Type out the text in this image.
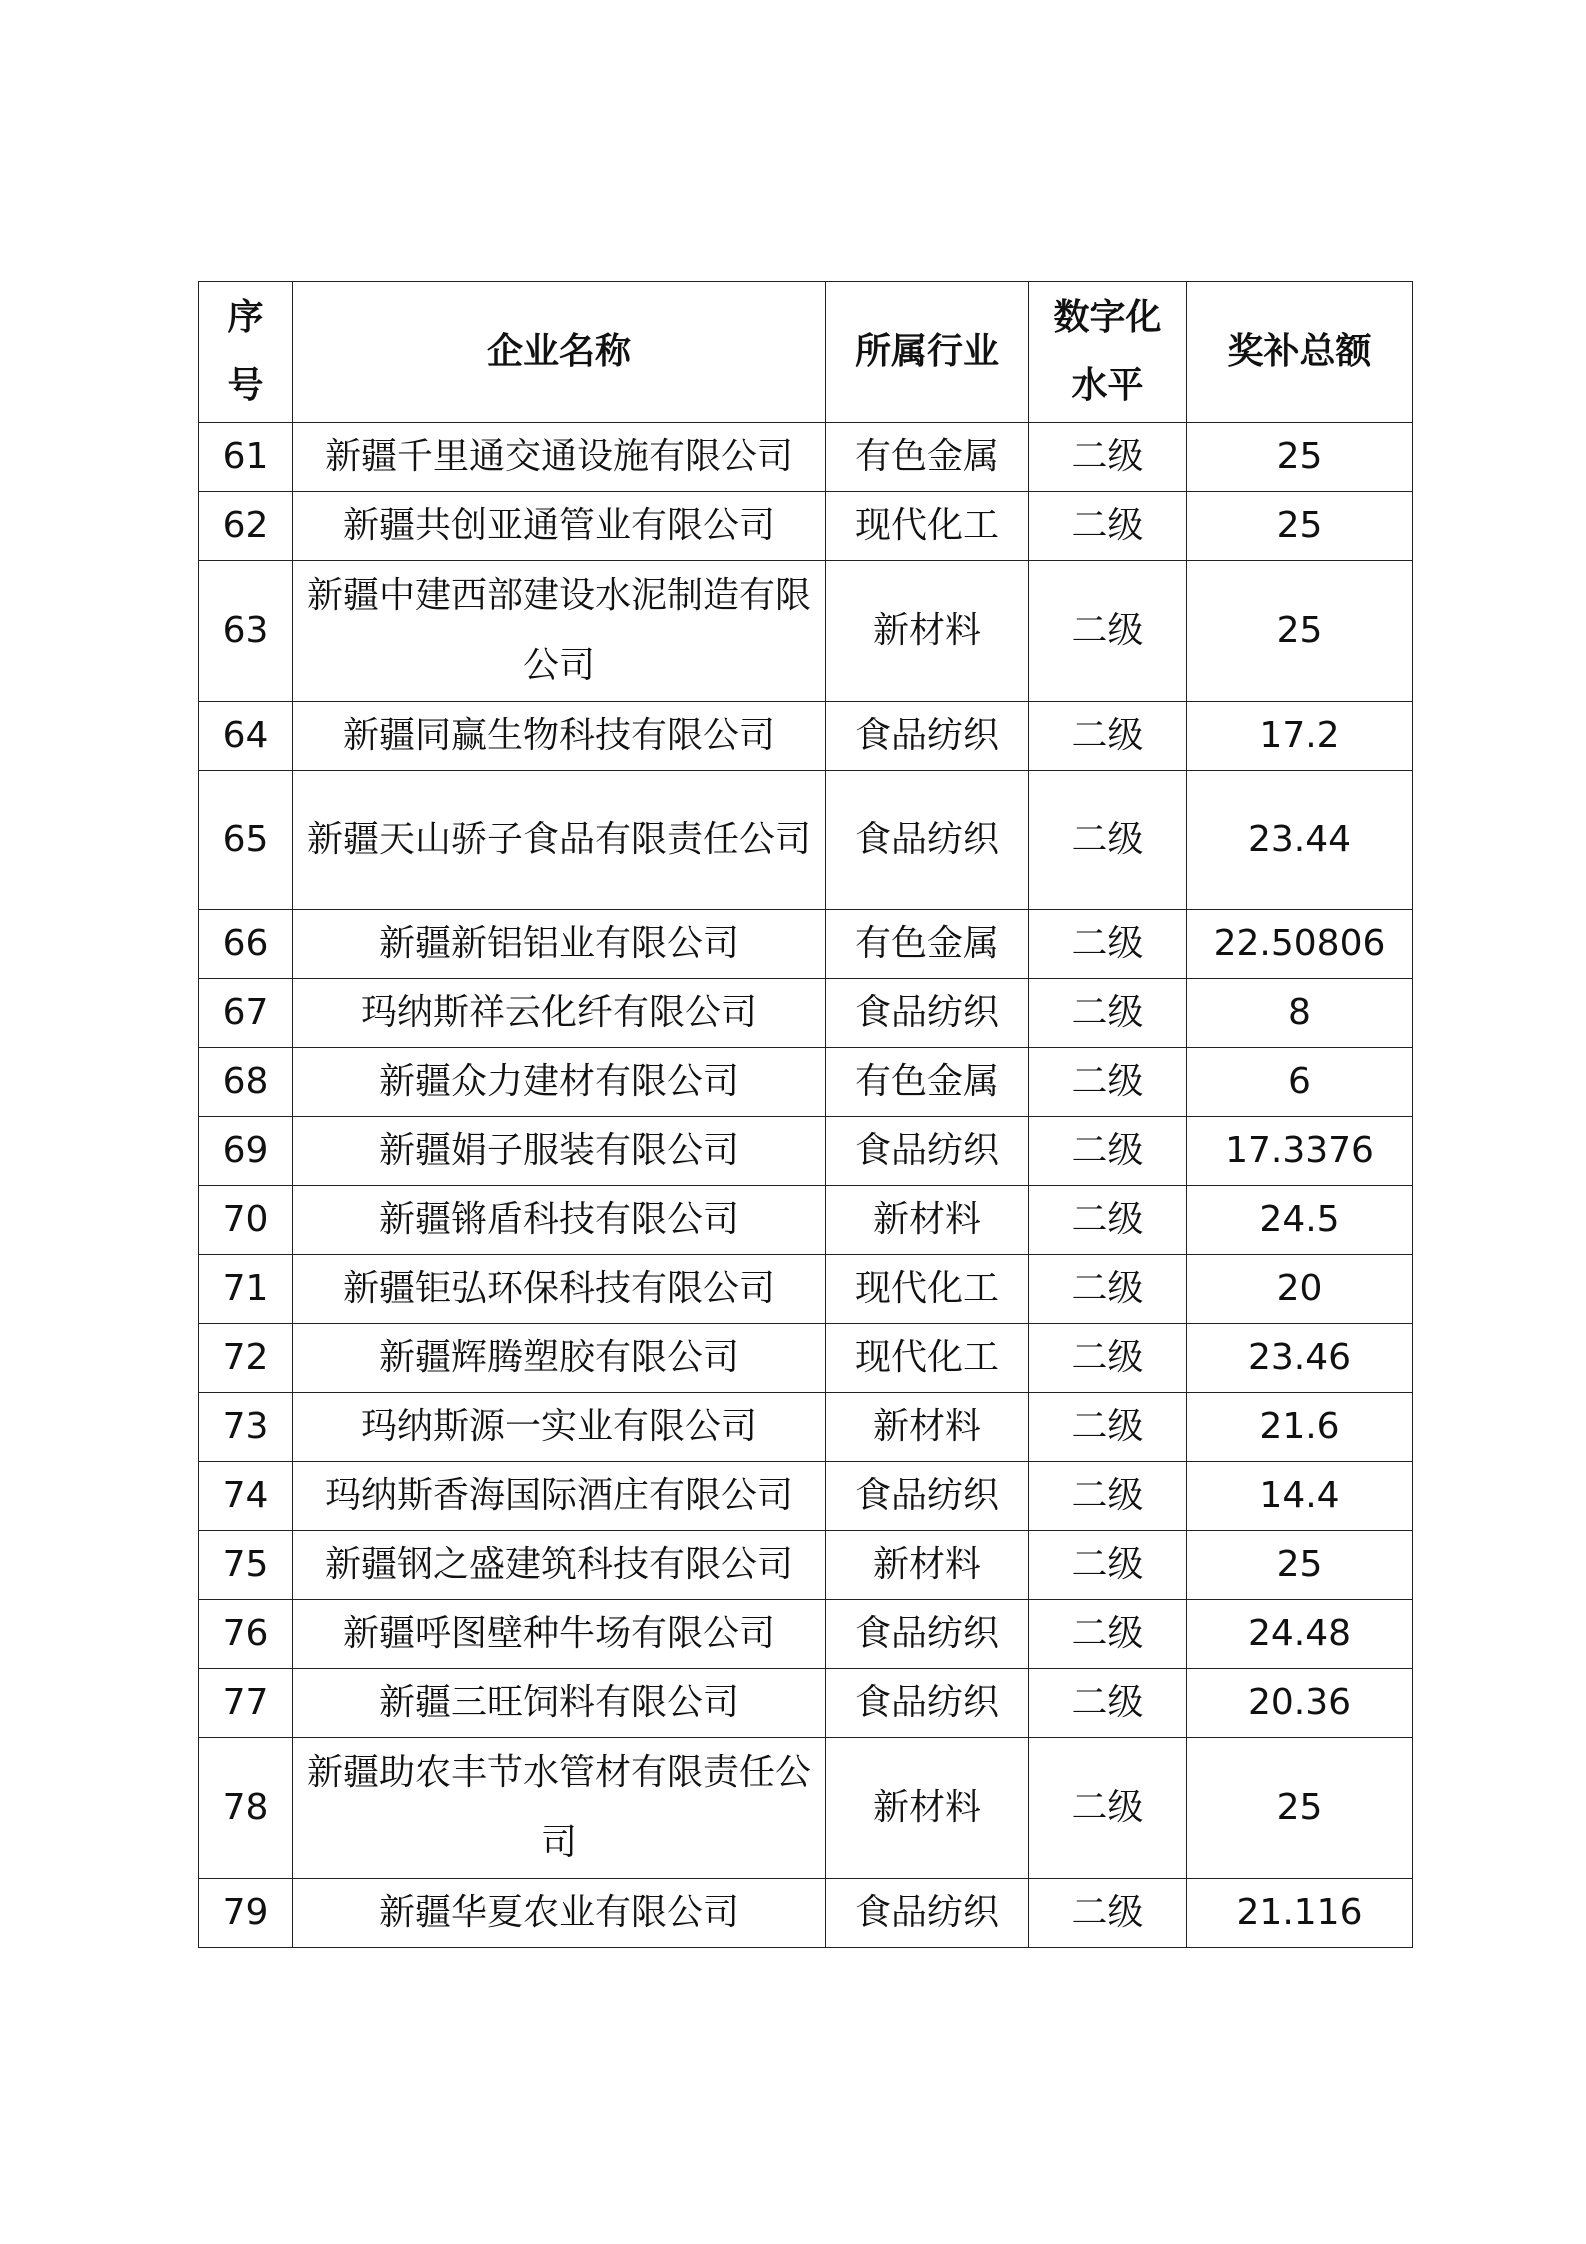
序号	企业名称	所属行业	数字化水平	奖补总额
61	新疆千里通交通设施有限公司	有色金属	二级	25
62	新疆共创亚通管业有限公司	现代化工	二级	25
63	新疆中建西部建设水泥制造有限公司	新材料	二级	25
64	新疆同赢生物科技有限公司	食品纺织	二级	17.2
65	新疆天山骄子食品有限责任公司	食品纺织	二级	23.44
66	新疆新铝铝业有限公司	有色金属	二级	22.50806
67	玛纳斯祥云化纤有限公司	食品纺织	二级	8
68	新疆众力建材有限公司	有色金属	二级	6
69	新疆娟子服装有限公司	食品纺织	二级	17.3376
70	新疆锵盾科技有限公司	新材料	二级	24.5
71	新疆钜弘环保科技有限公司	现代化工	二级	20
72	新疆辉腾塑胶有限公司	现代化工	二级	23.46
73	玛纳斯源一实业有限公司	新材料	二级	21.6
74	玛纳斯香海国际酒庄有限公司	食品纺织	二级	14.4
75	新疆钢之盛建筑科技有限公司	新材料	二级	25
76	新疆呼图壁种牛场有限公司	食品纺织	二级	24.48
77	新疆三旺饲料有限公司	食品纺织	二级	20.36
78	新疆助农丰节水管材有限责任公司	新材料	二级	25
79	新疆华夏农业有限公司	食品纺织	二级	21.116
